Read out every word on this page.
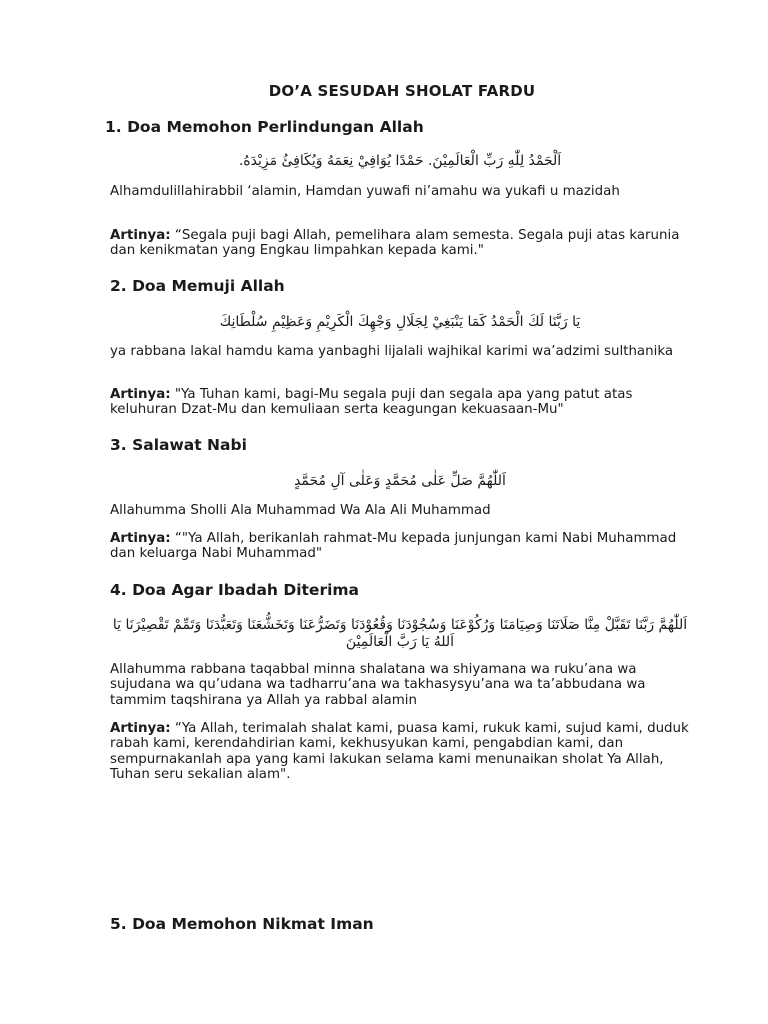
DO’A SESUDAH SHOLAT FARDU
1. Doa Memohon Perlindungan Allah
اَلْحَمْدُ لِلّٰهِ رَبِّ الْعَالَمِيْنَ. حَمْدًا يُوَافِيْ نِعَمَهُ وَيُكَافِئُ مَزِيْدَهُ.

Alhamdulillahirabbil ‘alamin, Hamdan yuwafi ni’amahu wa yukafi u mazidah

Artinya: “Segala puji bagi Allah, pemelihara alam semesta. Segala puji atas karunia dan kenikmatan yang Engkau limpahkan kepada kami."

2. Doa Memuji Allah
يَا رَبَّنَا لَكَ الْحَمْدُ كَمَا يَنْبَغِيْ لِجَلَالِ وَجْهِكَ الْكَرِيْمِ وَعَظِيْمِ سُلْطَانِكَ

ya rabbana lakal hamdu kama yanbaghi lijalali wajhikal karimi wa’adzimi sulthanika

Artinya: "Ya Tuhan kami, bagi-Mu segala puji dan segala apa yang patut atas keluhuran Dzat-Mu dan kemuliaan serta keagungan kekuasaan-Mu"

3. Salawat Nabi
اَللّٰهُمَّ صَلِّ عَلٰى مُحَمَّدٍ وَعَلٰى آلِ مُحَمَّدٍ

Allahumma Sholli Ala Muhammad Wa Ala Ali Muhammad

Artinya: “"Ya Allah, berikanlah rahmat-Mu kepada junjungan kami Nabi Muhammad dan keluarga Nabi Muhammad"

4. Doa Agar Ibadah Diterima
اَللّٰهُمَّ رَبَّنَا تَقَبَّلْ مِنَّا صَلَاتَنَا وَصِيَامَنَا وَرُكُوْعَنَا وَسُجُوْدَنَا وَقُعُوْدَنَا وَتَضَرُّعَنَا وَتَخَشُّعَنَا وَتَعَبُّدَنَا وَتَمِّمْ تَقْصِيْرَنَا يَا اَللهُ يَا رَبَّ الْعَالَمِيْنَ

Allahumma rabbana taqabbal minna shalatana wa shiyamana wa ruku’ana wa sujudana wa qu’udana wa tadharru’ana wa takhasysyu’ana wa ta’abbudana wa tammim taqshirana ya Allah ya rabbal alamin

Artinya: “Ya Allah, terimalah shalat kami, puasa kami, rukuk kami, sujud kami, duduk rabah kami, kerendahdirian kami, kekhusyukan kami, pengabdian kami, dan sempurnakanlah apa yang kami lakukan selama kami menunaikan sholat Ya Allah, Tuhan seru sekalian alam".

5. Doa Memohon Nikmat Iman
